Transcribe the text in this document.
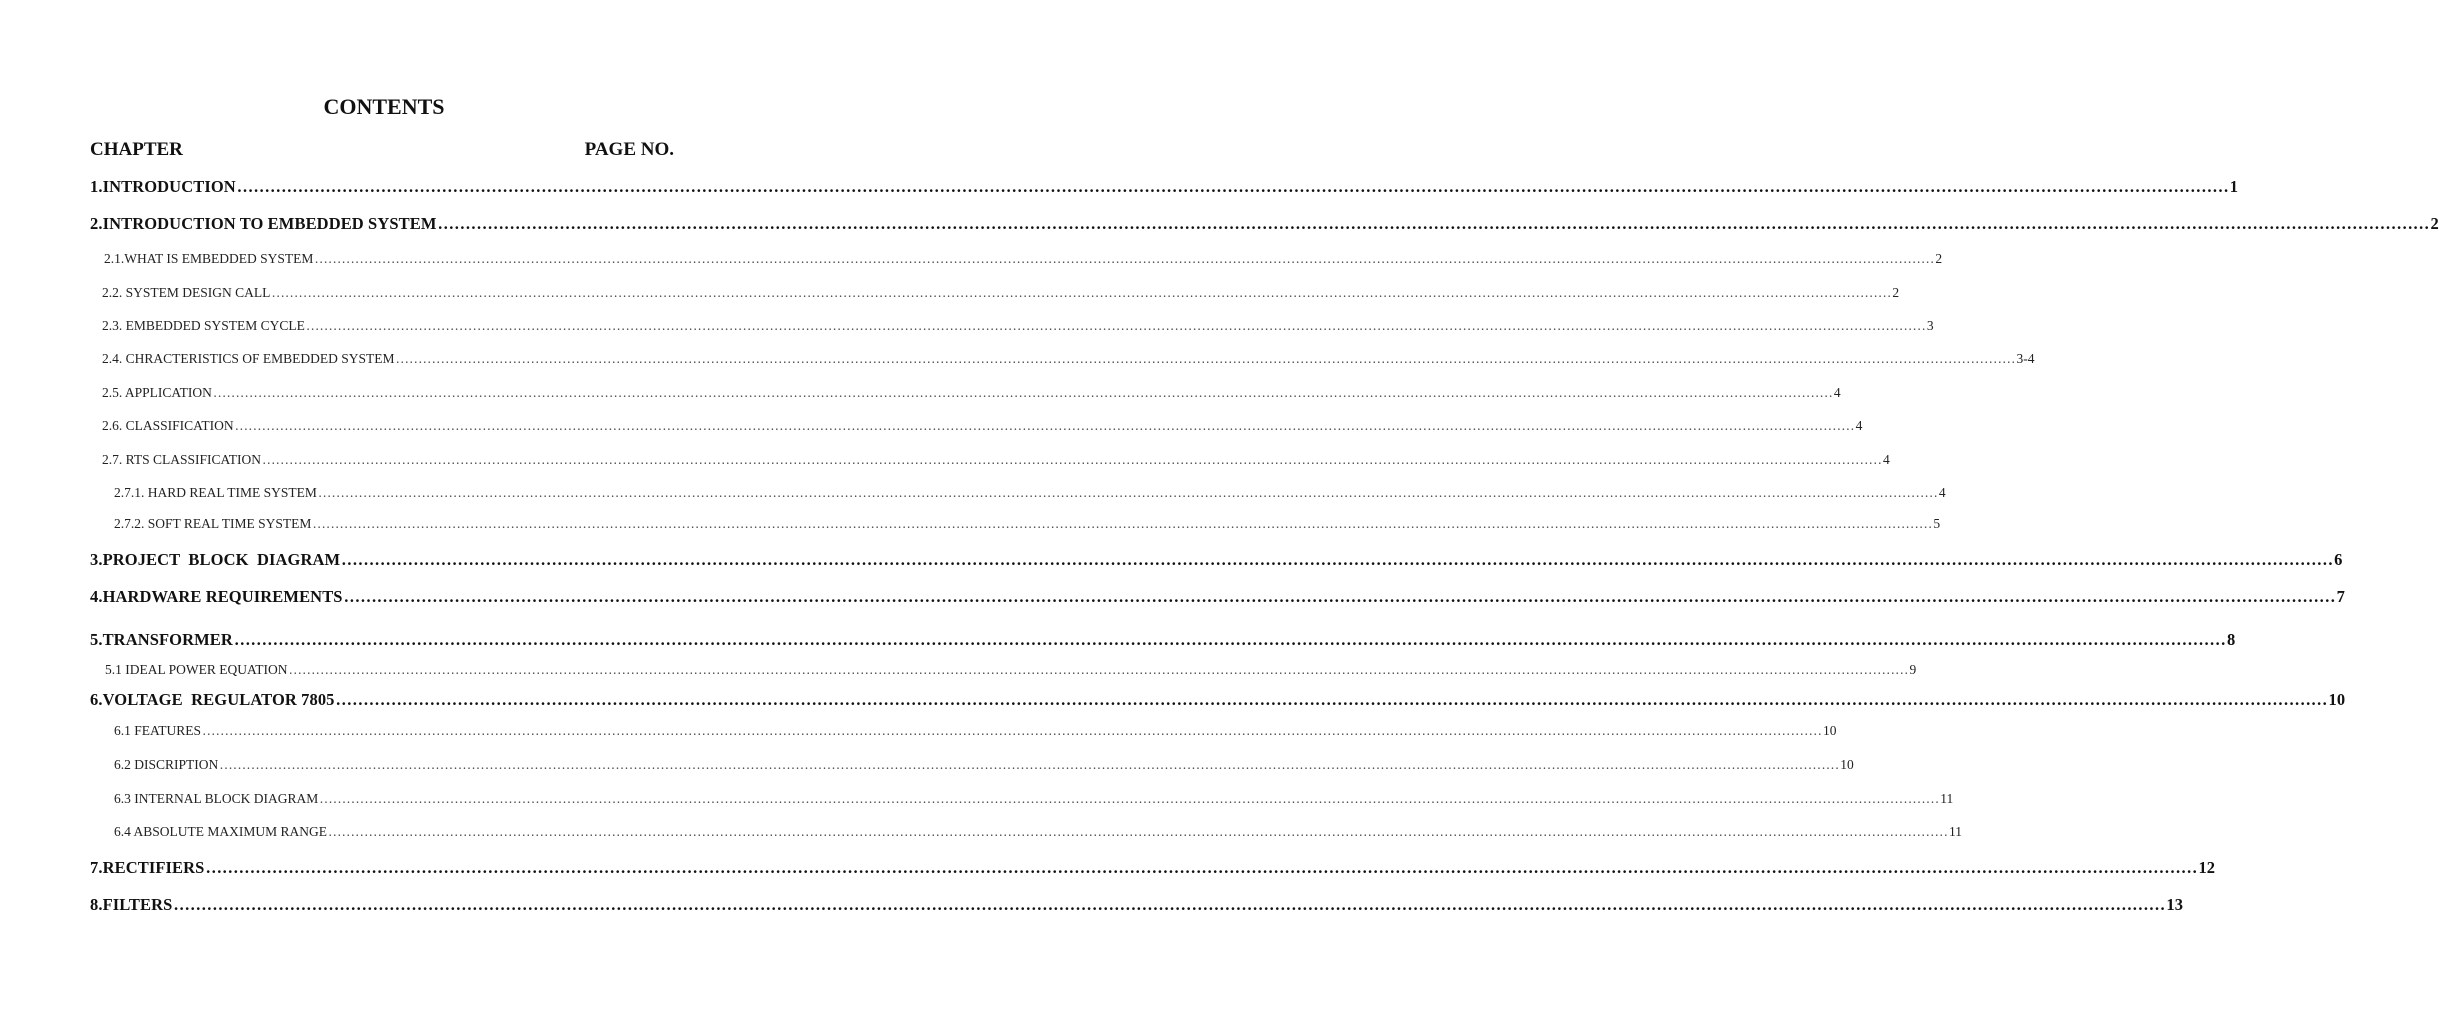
CONTENTS
CHAPTER	PAGE NO.
1.INTRODUCTION ……………………………………………………………………………………………………………………………………………………………………………………………………………………………………………………………………………………………………………………………… 1
2.INTRODUCTION TO EMBEDDED SYSTEM ……………………………………………………………………………………………………………………………………………………………………………………………………………………………………………………………………………………………………………………………… 2
2.1.WHAT IS EMBEDDED SYSTEM ……………………………………………………………………………………………………………………………………………………………………………………………………………………………………………………………………………………………………………………………… 2
2.2. SYSTEM DESIGN CALL ……………………………………………………………………………………………………………………………………………………………………………………………………………………………………………………………………………………………………………………………… 2
2.3. EMBEDDED SYSTEM CYCLE ……………………………………………………………………………………………………………………………………………………………………………………………………………………………………………………………………………………………………………………………… 3
2.4. CHRACTERISTICS OF EMBEDDED SYSTEM ……………………………………………………………………………………………………………………………………………………………………………………………………………………………………………………………………………………………………………………………… 3-4
2.5. APPLICATION ……………………………………………………………………………………………………………………………………………………………………………………………………………………………………………………………………………………………………………………………… 4
2.6. CLASSIFICATION ……………………………………………………………………………………………………………………………………………………………………………………………………………………………………………………………………………………………………………………………… 4
2.7. RTS CLASSIFICATION ……………………………………………………………………………………………………………………………………………………………………………………………………………………………………………………………………………………………………………………………… 4
2.7.1. HARD REAL TIME SYSTEM ……………………………………………………………………………………………………………………………………………………………………………………………………………………………………………………………………………………………………………………………… 4
2.7.2. SOFT REAL TIME SYSTEM ……………………………………………………………………………………………………………………………………………………………………………………………………………………………………………………………………………………………………………………………… 5
3.PROJECT  BLOCK  DIAGRAM ……………………………………………………………………………………………………………………………………………………………………………………………………………………………………………………………………………………………………………………………… 6
4.HARDWARE REQUIREMENTS ……………………………………………………………………………………………………………………………………………………………………………………………………………………………………………………………………………………………………………………………… 7
5.TRANSFORMER ……………………………………………………………………………………………………………………………………………………………………………………………………………………………………………………………………………………………………………………………… 8
5.1 IDEAL POWER EQUATION ……………………………………………………………………………………………………………………………………………………………………………………………………………………………………………………………………………………………………………………………… 9
6.VOLTAGE  REGULATOR 7805 ……………………………………………………………………………………………………………………………………………………………………………………………………………………………………………………………………………………………………………………………… 10
6.1 FEATURES ……………………………………………………………………………………………………………………………………………………………………………………………………………………………………………………………………………………………………………………………… 10
6.2 DISCRIPTION ……………………………………………………………………………………………………………………………………………………………………………………………………………………………………………………………………………………………………………………………… 10
6.3 INTERNAL BLOCK DIAGRAM ……………………………………………………………………………………………………………………………………………………………………………………………………………………………………………………………………………………………………………………………… 11
6.4 ABSOLUTE MAXIMUM RANGE ……………………………………………………………………………………………………………………………………………………………………………………………………………………………………………………………………………………………………………………………… 11
7.RECTIFIERS ……………………………………………………………………………………………………………………………………………………………………………………………………………………………………………………………………………………………………………………………… 12
8.FILTERS ……………………………………………………………………………………………………………………………………………………………………………………………………………………………………………………………………………………………………………………………… 13
